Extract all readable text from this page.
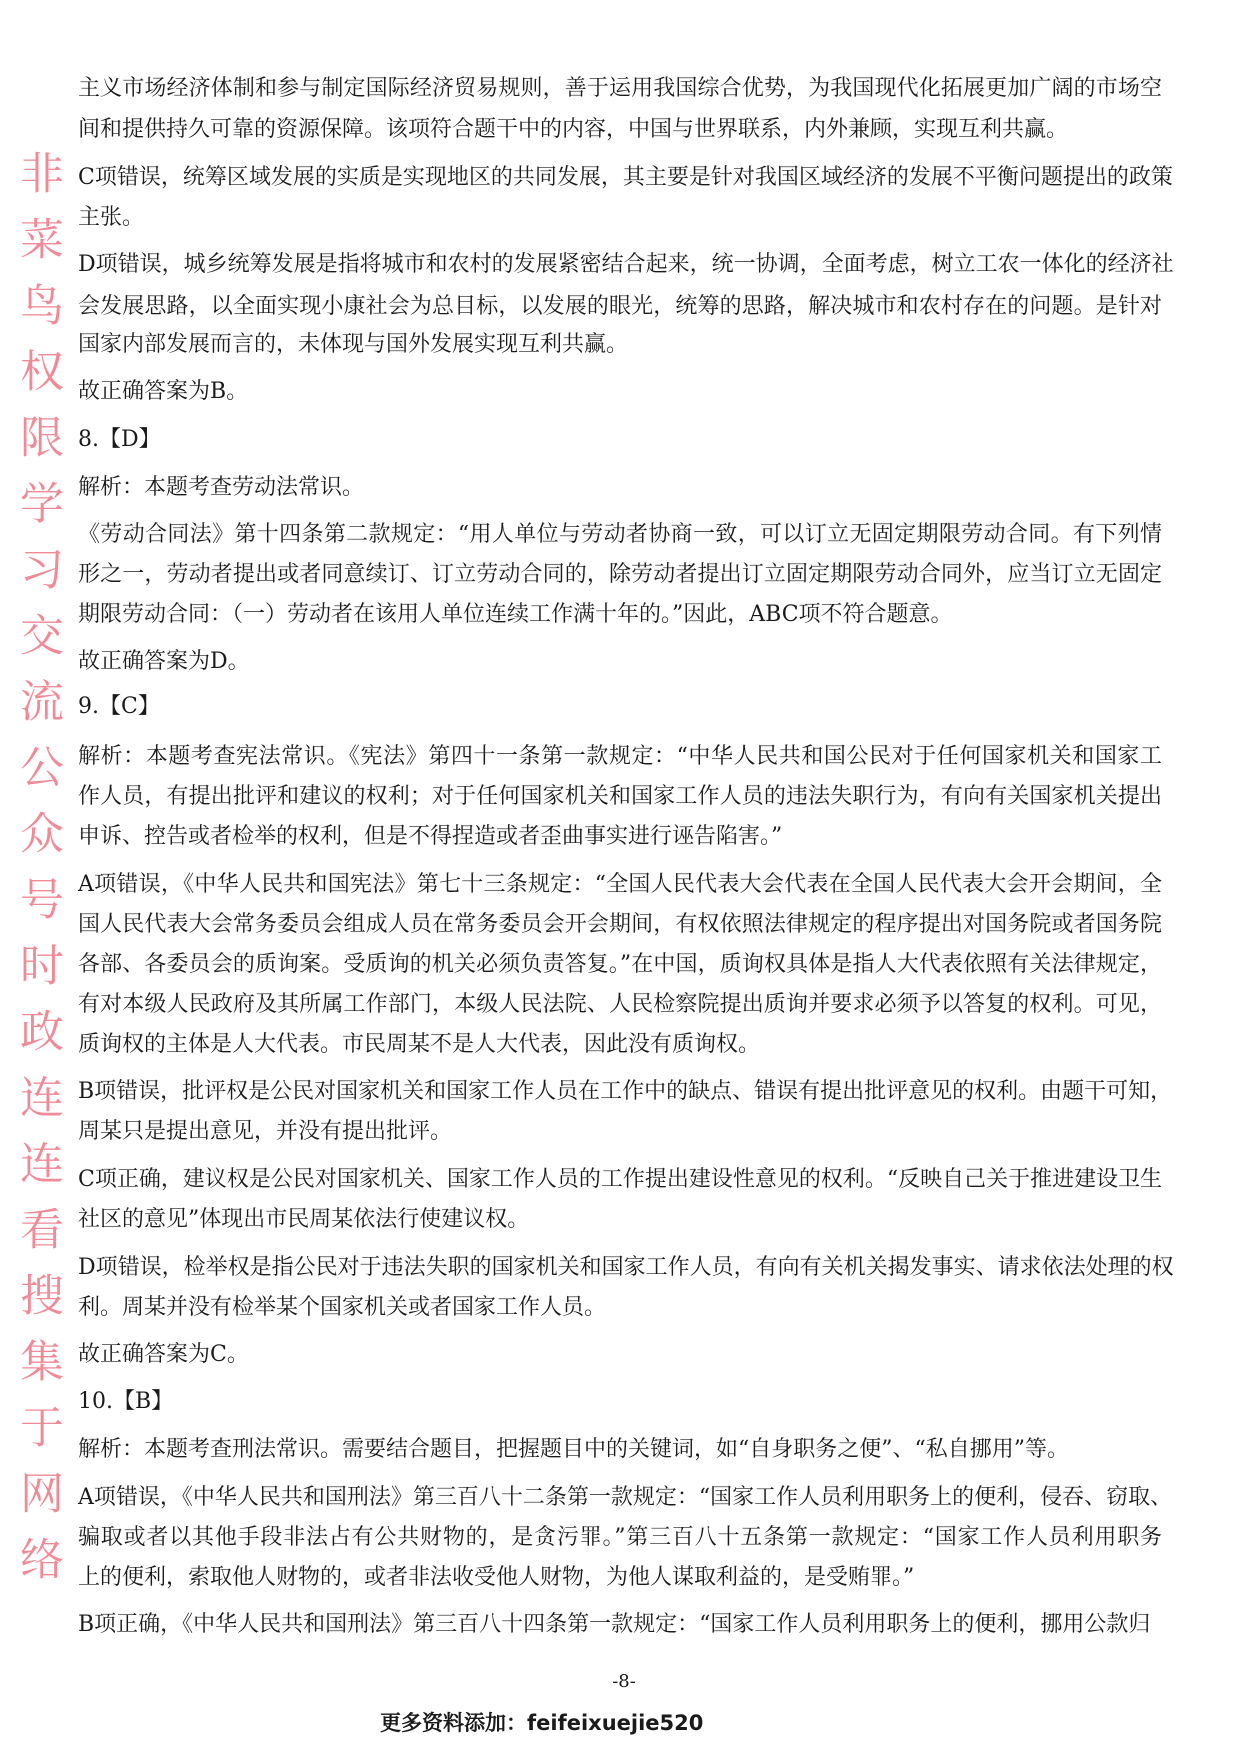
主义市场经济体制和参与制定国际经济贸易规则，善于运用我国综合优势，为我国现代化拓展更加广阔的市场空
间和提供持久可靠的资源保障。该项符合题干中的内容，中国与世界联系，内外兼顾，实现互利共赢。
C项错误，统筹区域发展的实质是实现地区的共同发展，其主要是针对我国区域经济的发展不平衡问题提出的政策
主张。
D项错误，城乡统筹发展是指将城市和农村的发展紧密结合起来，统一协调，全面考虑，树立工农一体化的经济社
会发展思路，以全面实现小康社会为总目标，以发展的眼光，统筹的思路，解决城市和农村存在的问题。是针对
国家内部发展而言的，未体现与国外发展实现互利共赢。
故正确答案为B。
8.【D】
解析：本题考查劳动法常识。
《劳动合同法》第十四条第二款规定：“用人单位与劳动者协商一致，可以订立无固定期限劳动合同。有下列情
形之一，劳动者提出或者同意续订、订立劳动合同的，除劳动者提出订立固定期限劳动合同外，应当订立无固定
期限劳动合同：（一）劳动者在该用人单位连续工作满十年的。”因此，ABC项不符合题意。
故正确答案为D。
9.【C】
解析：本题考查宪法常识。《宪法》第四十一条第一款规定：“中华人民共和国公民对于任何国家机关和国家工
作人员，有提出批评和建议的权利；对于任何国家机关和国家工作人员的违法失职行为，有向有关国家机关提出
申诉、控告或者检举的权利，但是不得捏造或者歪曲事实进行诬告陷害。”
A项错误，《中华人民共和国宪法》第七十三条规定：“全国人民代表大会代表在全国人民代表大会开会期间，全
国人民代表大会常务委员会组成人员在常务委员会开会期间，有权依照法律规定的程序提出对国务院或者国务院
各部、各委员会的质询案。受质询的机关必须负责答复。”在中国，质询权具体是指人大代表依照有关法律规定，
有对本级人民政府及其所属工作部门，本级人民法院、人民检察院提出质询并要求必须予以答复的权利。可见，
质询权的主体是人大代表。市民周某不是人大代表，因此没有质询权。
B项错误，批评权是公民对国家机关和国家工作人员在工作中的缺点、错误有提出批评意见的权利。由题干可知，
周某只是提出意见，并没有提出批评。
C项正确，建议权是公民对国家机关、国家工作人员的工作提出建设性意见的权利。“反映自己关于推进建设卫生
社区的意见”体现出市民周某依法行使建议权。
D项错误，检举权是指公民对于违法失职的国家机关和国家工作人员，有向有关机关揭发事实、请求依法处理的权
利。周某并没有检举某个国家机关或者国家工作人员。
故正确答案为C。
10.【B】
解析：本题考查刑法常识。需要结合题目，把握题目中的关键词，如“自身职务之便”、“私自挪用”等。
A项错误，《中华人民共和国刑法》第三百八十二条第一款规定：“国家工作人员利用职务上的便利，侵吞、窃取、
骗取或者以其他手段非法占有公共财物的，是贪污罪。”第三百八十五条第一款规定：“国家工作人员利用职务
上的便利，索取他人财物的，或者非法收受他人财物，为他人谋取利益的，是受贿罪。”
B项正确，《中华人民共和国刑法》第三百八十四条第一款规定：“国家工作人员利用职务上的便利，挪用公款归
-8-
更多资料添加：feifeixuejie520
非菜鸟权限学习交流公众号时政连连看搜集于网络
